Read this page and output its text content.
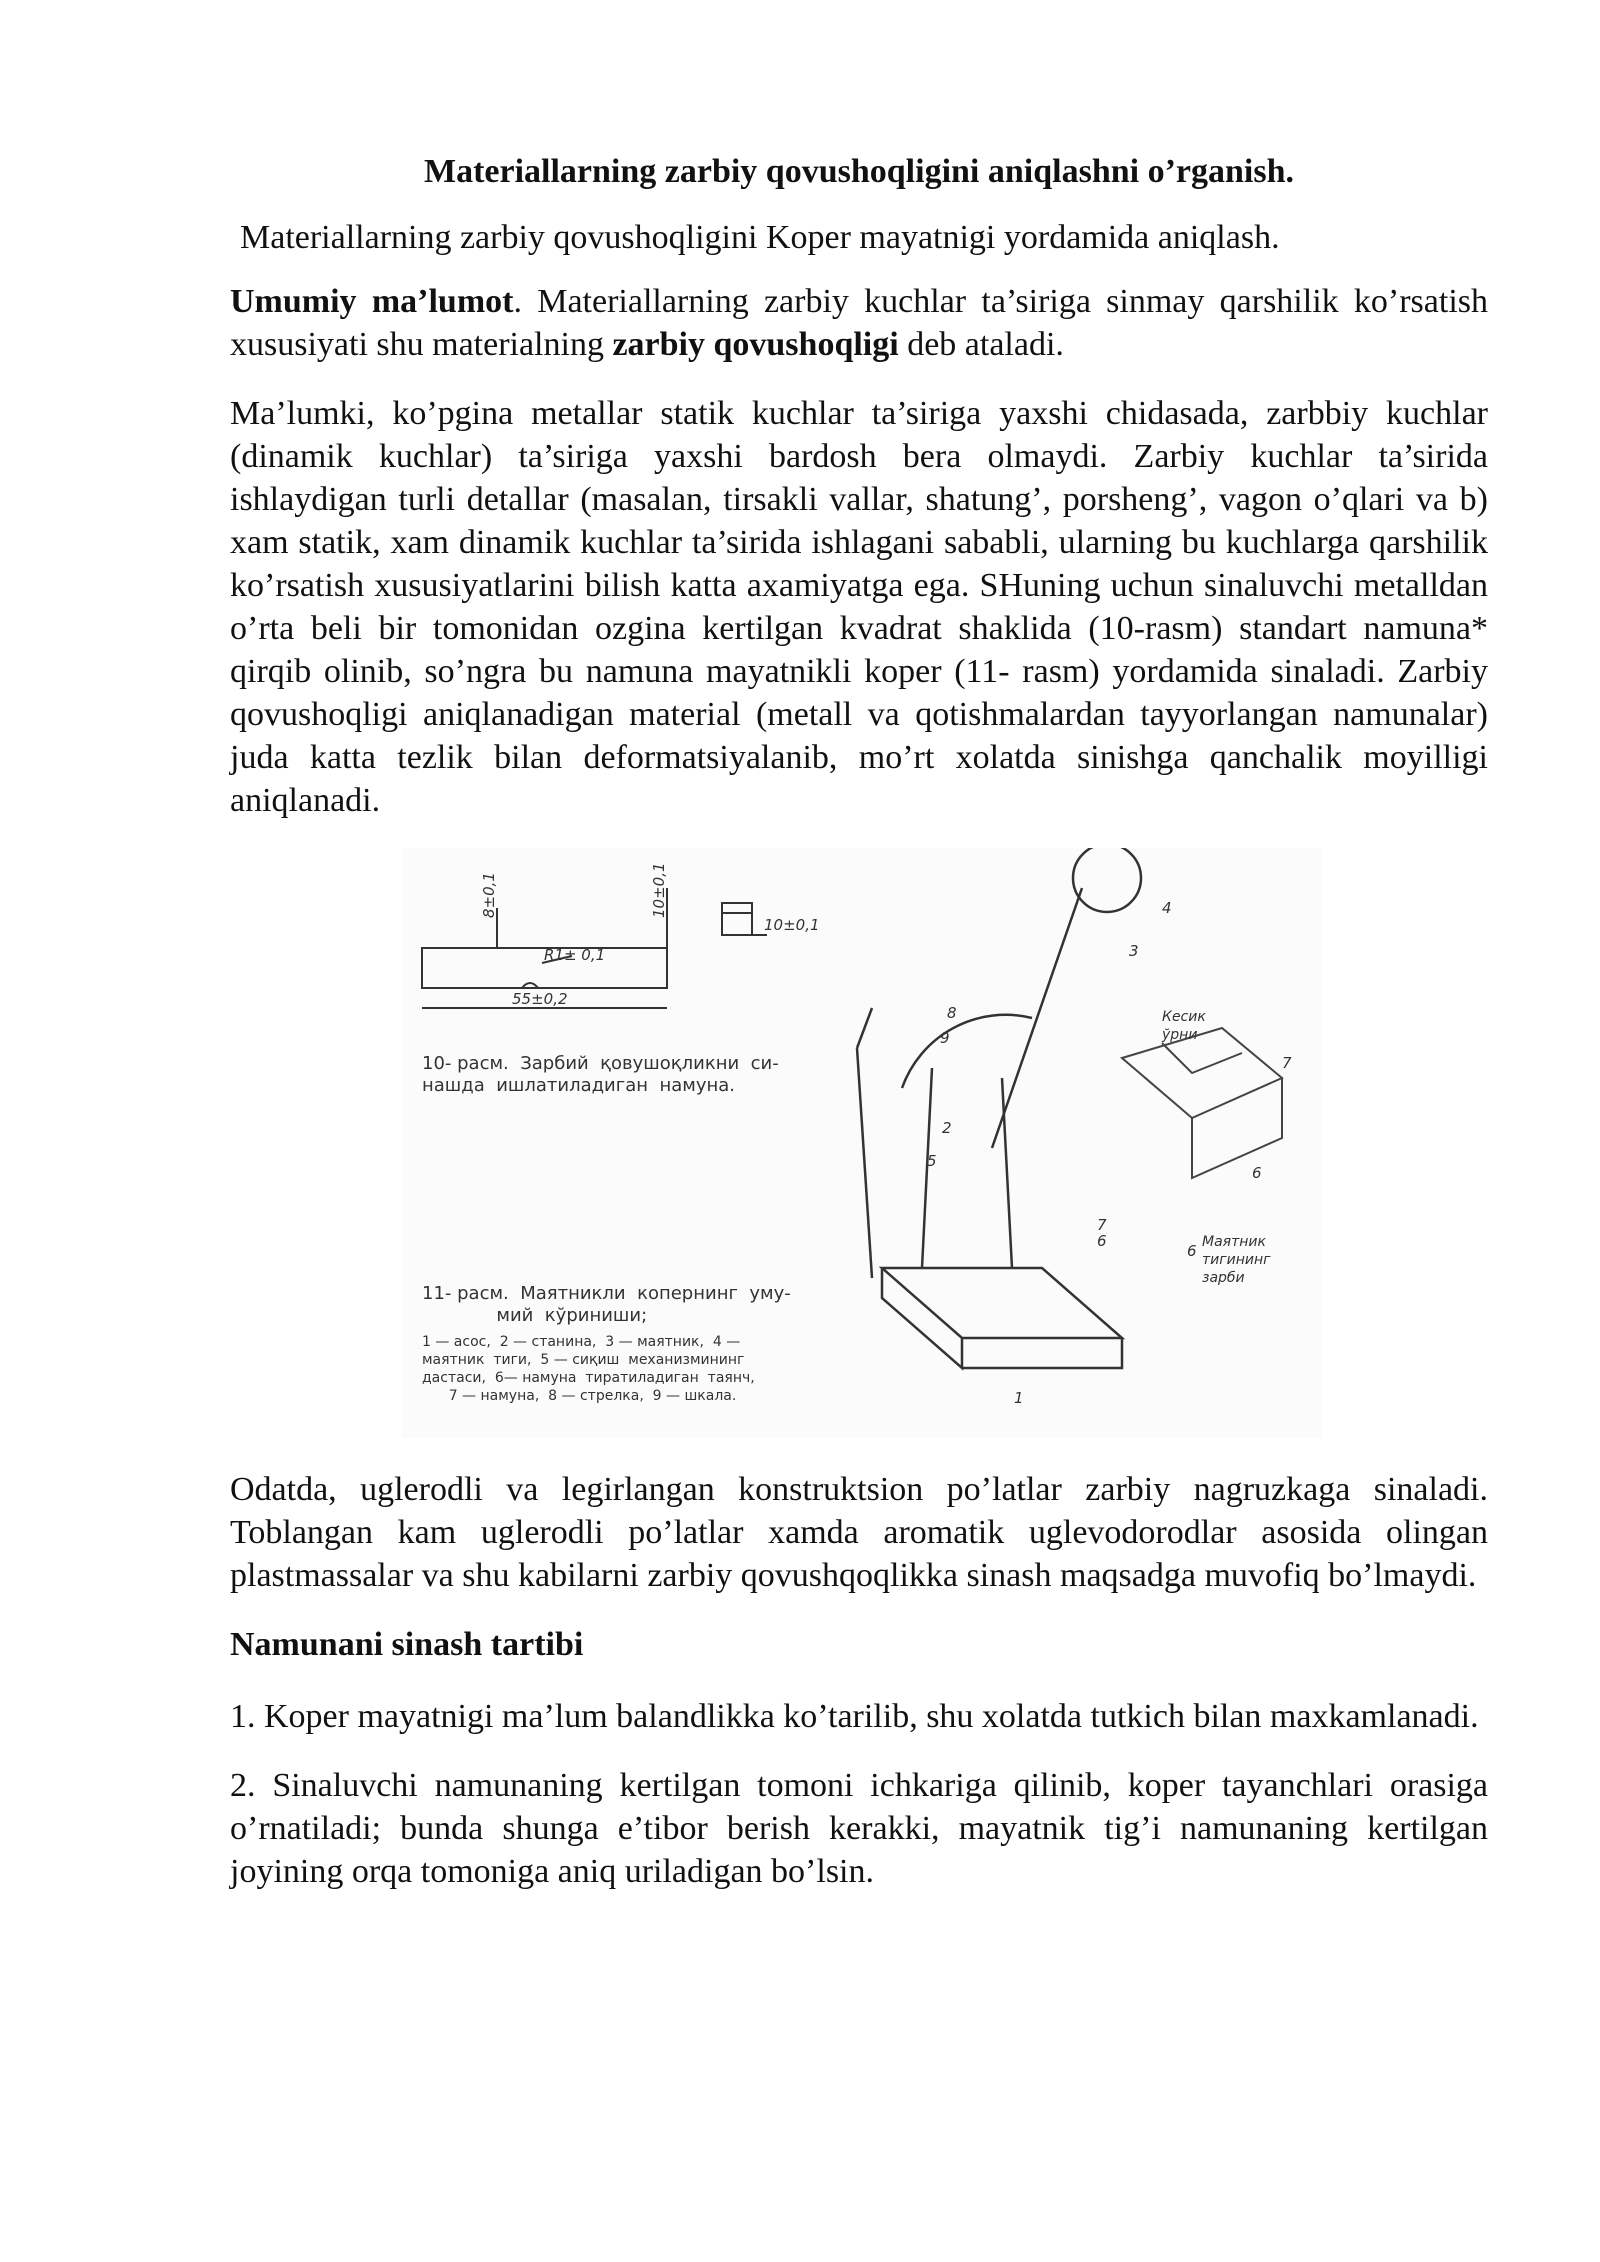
Materiallarning zarbiy qovushoqligini aniqlashni o’rganish.
Materiallarning zarbiy qovushoqligini Koper mayatnigi yordamida aniqlash.

Umumiy ma’lumot. Materiallarning zarbiy kuchlar ta’siriga sinmay qarshilik ko’rsatish xususiyati shu materialning zarbiy qovushoqligi deb ataladi.

Ma’lumki, ko’pgina metallar statik kuchlar ta’siriga yaxshi chidasada, zarbbiy kuchlar (dinamik kuchlar) ta’siriga yaxshi bardosh bera olmaydi. Zarbiy kuchlar ta’sirida ishlaydigan turli detallar (masalan, tirsakli vallar, shatung’, porsheng’, vagon o’qlari va b) xam statik, xam dinamik kuchlar ta’sirida ishlagani sababli, ularning bu kuchlarga qarshilik ko’rsatish xususiyatlarini bilish katta axamiyatga ega. SHuning uchun sinaluvchi metalldan o’rta beli bir tomonidan ozgina kertilgan kvadrat shaklida (10-rasm) standart namuna* qirqib olinib, so’ngra bu namuna mayatnikli koper (11- rasm) yordamida sinaladi. Zarbiy qovushoqligi aniqlanadigan material (metall va qotishmalardan tayyorlangan namunalar) juda katta tezlik bilan deformatsiyalanib, mo’rt xolatda sinishga qanchalik moyilligi aniqlanadi.

8±0,1	10±0,1
R1± 0,1
55±0,2
10±0,1
3
4
8
9
2
5
7
6
1
7
6
6
10- расм.  Зарбий  қовушоқликни  си-
нашда  ишлатиладиган  намуна.
11- расм.  Маятникли  копернинг  уму-
мий  кўриниши;
1 — асос,  2 — станина,  3 — маятник,  4 —
маятник  тиги,  5 — сиқиш  механизмининг
дастаси,  6— намуна  тиратиладиган  таянч,
7 — намуна,  8 — стрелка,  9 — шкала.
Кесик
ўрни
Маятник
тигининг
зарби

Odatda, uglerodli va legirlangan konstruktsion po’latlar zarbiy nagruzkaga sinaladi. Toblangan kam uglerodli po’latlar xamda aromatik uglevodorodlar asosida olingan plastmassalar va shu kabilarni zarbiy qovushqoqlikka sinash maqsadga muvofiq bo’lmaydi.

Namunani sinash tartibi

1. Koper mayatnigi ma’lum balandlikka ko’tarilib, shu xolatda tutkich bilan maxkamlanadi.

2. Sinaluvchi namunaning kertilgan tomoni ichkariga qilinib, koper tayanchlari orasiga o’rnatiladi; bunda shunga e’tibor berish kerakki, mayatnik tig’i namunaning kertilgan joyining orqa tomoniga aniq uriladigan bo’lsin.
